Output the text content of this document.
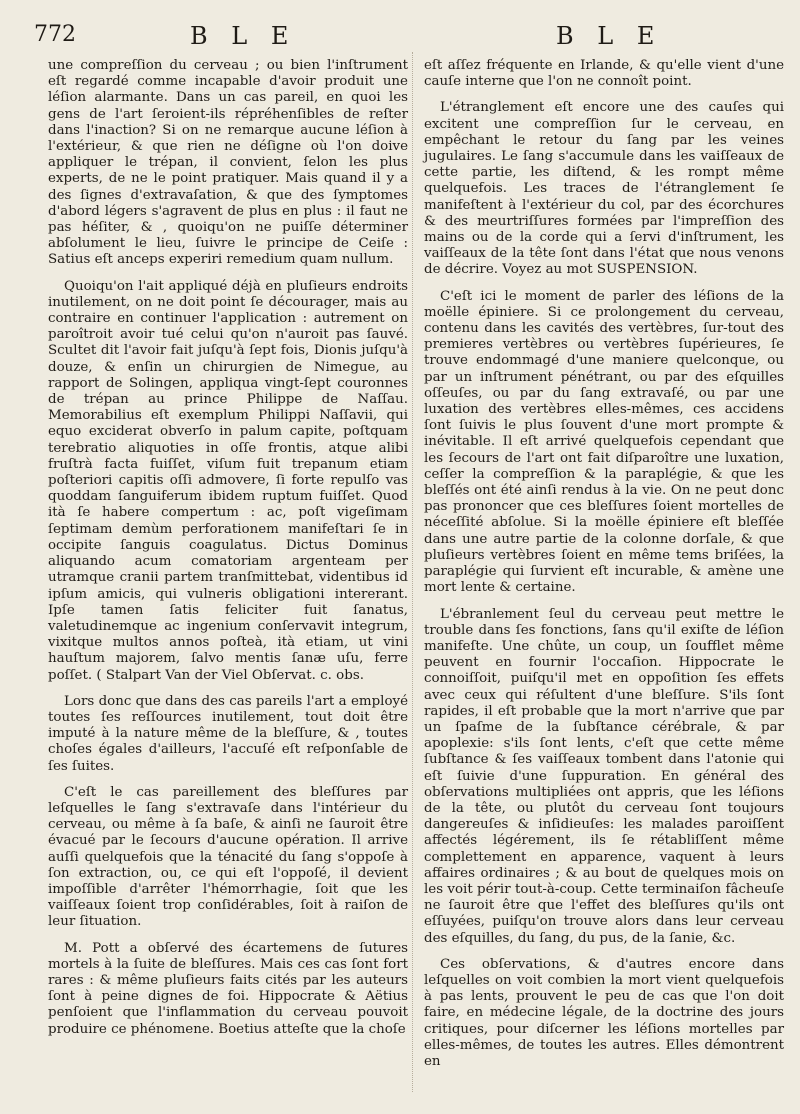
772	B L E	B L E

une compreſſion du cerveau ; ou bien l'inſtrument eſt regardé comme incapable d'avoir produit une léſion alarmante. Dans un cas pareil, en quoi les gens de l'art ſeroient-ils répréhenſibles de reſter dans l'inaction? Si on ne remarque aucune léſion à l'extérieur, & que rien ne déſigne où l'on doive appliquer le trépan, il convient, ſelon les plus experts, de ne le point pratiquer. Mais quand il y a des ſignes d'extravaſation, & que des ſymptomes d'abord légers s'agravent de plus en plus : il faut ne pas héſiter, & , quoiqu'on ne puiſſe déterminer abſolument le lieu, ſuivre le principe de Ceiſe : Satius eſt anceps experiri remedium quam nullum.

Quoiqu'on l'ait appliqué déjà en pluſieurs endroits inutilement, on ne doit point ſe décourager, mais au contraire en continuer l'application : autrement on paroîtroit avoir tué celui qu'on n'auroit pas ſauvé. Scultet dit l'avoir fait juſqu'à ſept fois, Dionis juſqu'à douze, & enſin un chirurgien de Nimegue, au rapport de Solingen, appliqua vingt-ſept couronnes de trépan au prince Philippe de Naſſau. Memorabilius eſt exemplum Philippi Naſſavii, qui equo exciderat obverſo in palum capite, poſtquam terebratio aliquoties in oſſe frontis, atque alibi fruſtrà facta fuiſſet, viſum fuit trepanum etiam poſteriori capitis oſſi admovere, ſi forte repulſo vas quoddam ſanguiferum ibidem ruptum fuiſſet. Quod ità ſe habere compertum : ac, poſt vigeſimam ſeptimam demùm perforationem manifeſtari ſe in occipite ſanguis coagulatus. Dictus Dominus aliquando acum comatoriam argenteam per utramque cranii partem tranſmittebat, videntibus id ipſum amicis, qui vulneris obligationi intererant. Ipſe tamen ſatis feliciter fuit ſanatus, valetudinemque ac ingenium conſervavit integrum, vixitque multos annos poſteà, ità etiam, ut vini hauſtum majorem, ſalvo mentis ſanæ uſu, ferre poſſet. ( Stalpart Van der Viel Obſervat. c. obs.

Lors donc que dans des cas pareils l'art a employé toutes ſes reſſources inutilement, tout doit être imputé à la nature même de la bleſſure, & , toutes choſes égales d'ailleurs, l'accuſé eſt reſponſable de ſes ſuites.

C'eſt le cas pareillement des bleſſures par leſquelles le ſang s'extravaſe dans l'intérieur du cerveau, ou même à ſa baſe, & ainſi ne ſauroit être évacué par le ſecours d'aucune opération. Il arrive auſſi quelquefois que la ténacité du ſang s'oppoſe à ſon extraction, ou, ce qui eſt l'oppoſé, il devient impoſſible d'arrêter l'hémorrhagie, ſoit que les vaiſſeaux ſoient trop conſidérables, ſoit à raiſon de leur ſituation.

M. Pott a obſervé des écartemens de ſutures mortels à la ſuite de bleſſures. Mais ces cas ſont fort rares : & même pluſieurs faits cités par les auteurs ſont à peine dignes de foi. Hippocrate & Aëtius penſoient que l'inflammation du cerveau pouvoit produire ce phénomene. Boetius atteſte que la choſe

eſt aſſez fréquente en Irlande, & qu'elle vient d'une cauſe interne que l'on ne connoît point.

L'étranglement eſt encore une des cauſes qui excitent une compreſſion ſur le cerveau, en empêchant le retour du ſang par les veines jugulaires. Le ſang s'accumule dans les vaiſſeaux de cette partie, les diſtend, & les rompt même quelquefois. Les traces de l'étranglement ſe manifeſtent à l'extérieur du col, par des écorchures & des meurtriſſures formées par l'impreſſion des mains ou de la corde qui a ſervi d'inſtrument, les vaiſſeaux de la tête ſont dans l'état que nous venons de décrire. Voyez au mot SUSPENSION.

C'eſt ici le moment de parler des léſions de la moëlle épiniere. Si ce prolongement du cerveau, contenu dans les cavités des vertèbres, ſur-tout des premieres vertèbres ou vertèbres ſupérieures, ſe trouve endommagé d'une maniere quelconque, ou par un inſtrument pénétrant, ou par des eſquilles oſſeuſes, ou par du ſang extravaſé, ou par une luxation des vertèbres elles-mêmes, ces accidens ſont ſuivis le plus ſouvent d'une mort prompte & inévitable. Il eſt arrivé quelquefois cependant que les ſecours de l'art ont fait diſparoître une luxation, ceſſer la compreſſion & la paraplégie, & que les bleſſés ont été ainſi rendus à la vie. On ne peut donc pas prononcer que ces bleſſures ſoient mortelles de néceſſité abſolue. Si la moëlle épiniere eſt bleſſée dans une autre partie de la colonne dorſale, & que pluſieurs vertèbres ſoient en même tems briſées, la paraplégie qui ſurvient eſt incurable, & amène une mort lente & certaine.

L'ébranlement ſeul du cerveau peut mettre le trouble dans ſes fonctions, ſans qu'il exiſte de léſion manifeſte. Une chûte, un coup, un ſoufflet même peuvent en fournir l'occaſion. Hippocrate le connoiſſoit, puiſqu'il met en oppoſition ſes effets avec ceux qui réſultent d'une bleſſure. S'ils ſont rapides, il eſt probable que la mort n'arrive que par un ſpaſme de la ſubſtance cérébrale, & par apoplexie: s'ils ſont lents, c'eſt que cette même ſubſtance & ſes vaiſſeaux tombent dans l'atonie qui eſt ſuivie d'une ſuppuration. En général des obſervations multipliées ont appris, que les léſions de la tête, ou plutôt du cerveau ſont toujours dangereuſes & inſidieuſes: les malades paroiſſent affectés légérement, ils ſe rétabliſſent même complettement en apparence, vaquent à leurs affaires ordinaires ; & au bout de quelques mois on les voit périr tout-à-coup. Cette terminaiſon fâcheuſe ne ſauroit être que l'effet des bleſſures qu'ils ont eſſuyées, puiſqu'on trouve alors dans leur cerveau des eſquilles, du ſang, du pus, de la ſanie, &c.

Ces obſervations, & d'autres encore dans leſquelles on voit combien la mort vient quelquefois à pas lents, prouvent le peu de cas que l'on doit faire, en médecine légale, de la doctrine des jours critiques, pour diſcerner les léſions mortelles par elles-mêmes, de toutes les autres. Elles démontrent en
